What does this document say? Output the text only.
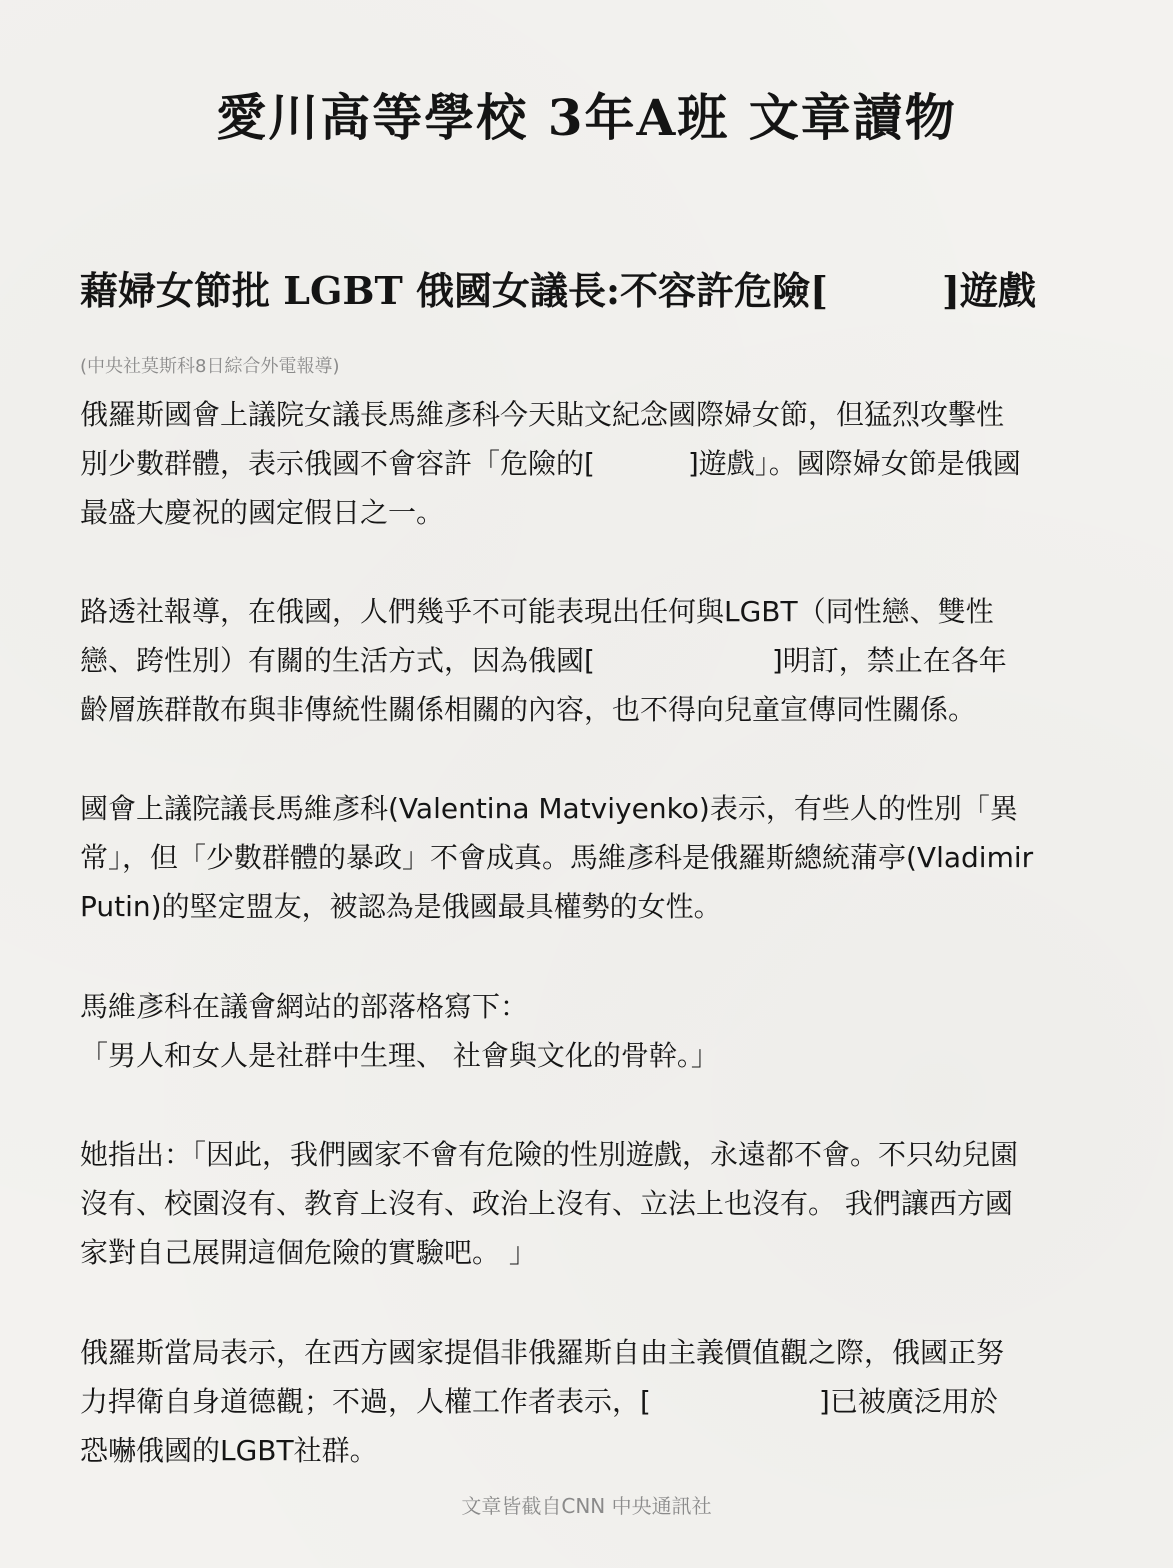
愛川高等學校 3年A班 文章讀物
藉婦女節批 LGBT 俄國女議長:不容許危險[　　　]遊戲
(中央社莫斯科8日綜合外電報導)

俄羅斯國會上議院女議長馬維彥科今天貼文紀念國際婦女節，但猛烈攻擊性
別少數群體，表示俄國不會容許「危險的[　　　 ]遊戲」。國際婦女節是俄國
最盛大慶祝的國定假日之一。

路透社報導，在俄國，人們幾乎不可能表現出任何與LGBT（同性戀、雙性
戀、跨性別）有關的生活方式，因為俄國[　　　　　　 ]明訂，禁止在各年
齡層族群散布與非傳統性關係相關的內容，也不得向兒童宣傳同性關係。

國會上議院議長馬維彥科(Valentina Matviyenko)表示，有些人的性別「異
常」，但「少數群體的暴政」不會成真。馬維彥科是俄羅斯總統蒲亭(Vladimir
Putin)的堅定盟友，被認為是俄國最具權勢的女性。

馬維彥科在議會網站的部落格寫下：
「男人和女人是社群中生理、 社會與文化的骨幹。」

她指出：「因此，我們國家不會有危險的性別遊戲，永遠都不會。不只幼兒園
沒有、校園沒有、教育上沒有、政治上沒有、立法上也沒有。 我們讓西方國
家對自己展開這個危險的實驗吧。 」

俄羅斯當局表示，在西方國家提倡非俄羅斯自由主義價值觀之際，俄國正努
力捍衛自身道德觀；不過，人權工作者表示，[　　　　　　]已被廣泛用於
恐嚇俄國的LGBT社群。

文章皆截自CNN 中央通訊社
